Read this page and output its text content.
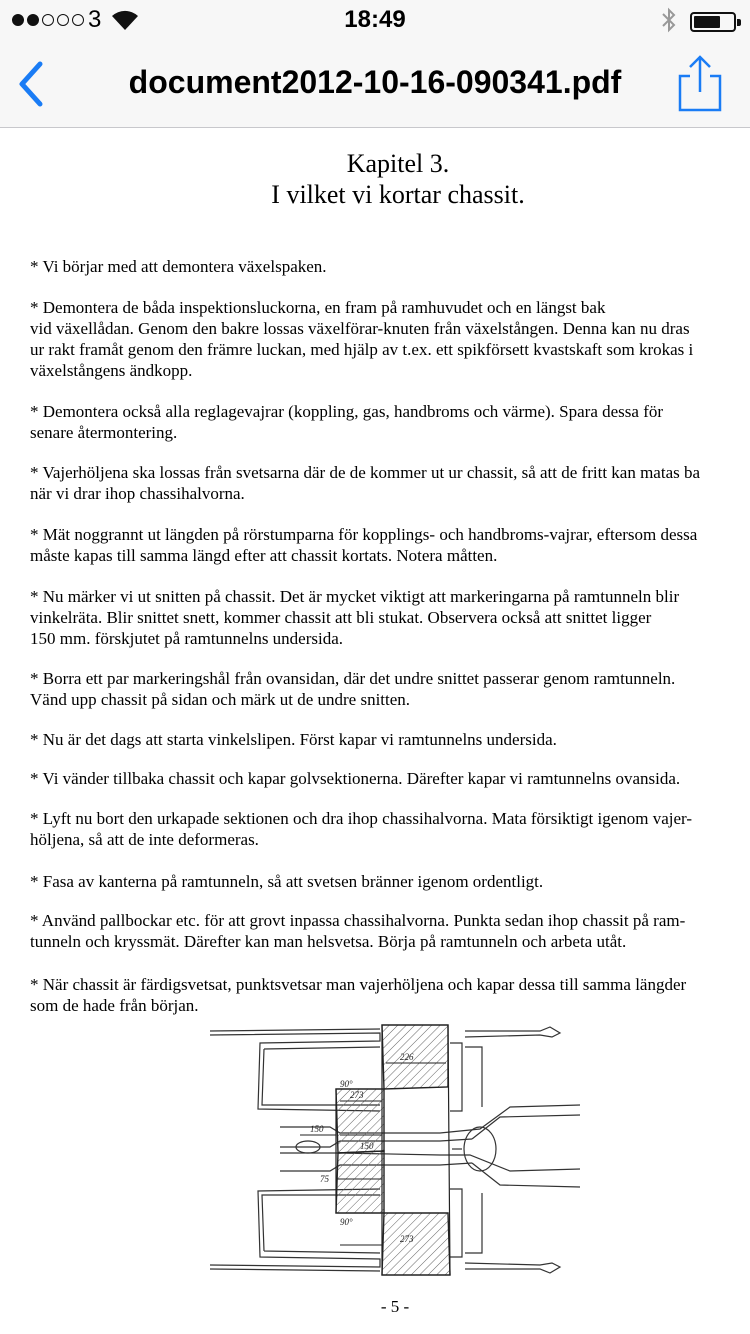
3	18:49
document2012-10-16-090341.pdf
Kapitel 3.
I vilket vi kortar chassit.
* Vi börjar med att demontera växelspaken.
* Demontera de båda inspektionsluckorna, en fram på ramhuvudet och en längst bak
vid växellådan. Genom den bakre lossas växelförar-knuten från växelstången. Denna kan nu dras
ur rakt framåt genom den främre luckan, med hjälp av t.ex. ett spikförsett kvastskaft som krokas i
växelstångens ändkopp.
* Demontera också alla reglagevajrar (koppling, gas, handbroms och värme). Spara dessa för
senare återmontering.
* Vajerhöljena ska lossas från svetsarna där de de kommer ut ur chassit, så att de fritt kan matas ba
när vi drar ihop chassihalvorna.
* Mät noggrannt ut längden på rörstumparna för kopplings- och handbroms-vajrar, eftersom dessa
måste kapas till samma längd efter att chassit kortats. Notera måtten.
* Nu märker vi ut snitten på chassit. Det är mycket viktigt att markeringarna på ramtunneln blir
vinkelräta. Blir snittet snett, kommer chassit att bli stukat. Observera också att snittet ligger
150 mm. förskjutet på ramtunnelns undersida.
* Borra ett par markeringshål från ovansidan, där det undre snittet passerar genom ramtunneln.
Vänd upp chassit på sidan och märk ut de undre snitten.
* Nu är det dags att starta vinkelslipen. Först kapar vi ramtunnelns undersida.
* Vi vänder tillbaka chassit och kapar golvsektionerna. Därefter kapar vi ramtunnelns ovansida.
* Lyft nu bort den urkapade sektionen och dra ihop chassihalvorna. Mata försiktigt igenom vajer-
höljena, så att de inte deformeras.
* Fasa av kanterna på ramtunneln, så att svetsen bränner igenom ordentligt.
* Använd pallbockar etc. för att grovt inpassa chassihalvorna. Punkta sedan ihop chassit på ram-
tunneln och kryssmät. Därefter kan man helsvetsa. Börja på ramtunneln och arbeta utåt.
* När chassit är färdigsvetsat, punktsvetsar man vajerhöljena och kapar dessa till samma längder
som de hade från början.
226
273
273
150
150
75
90°
90°
- 5 -
